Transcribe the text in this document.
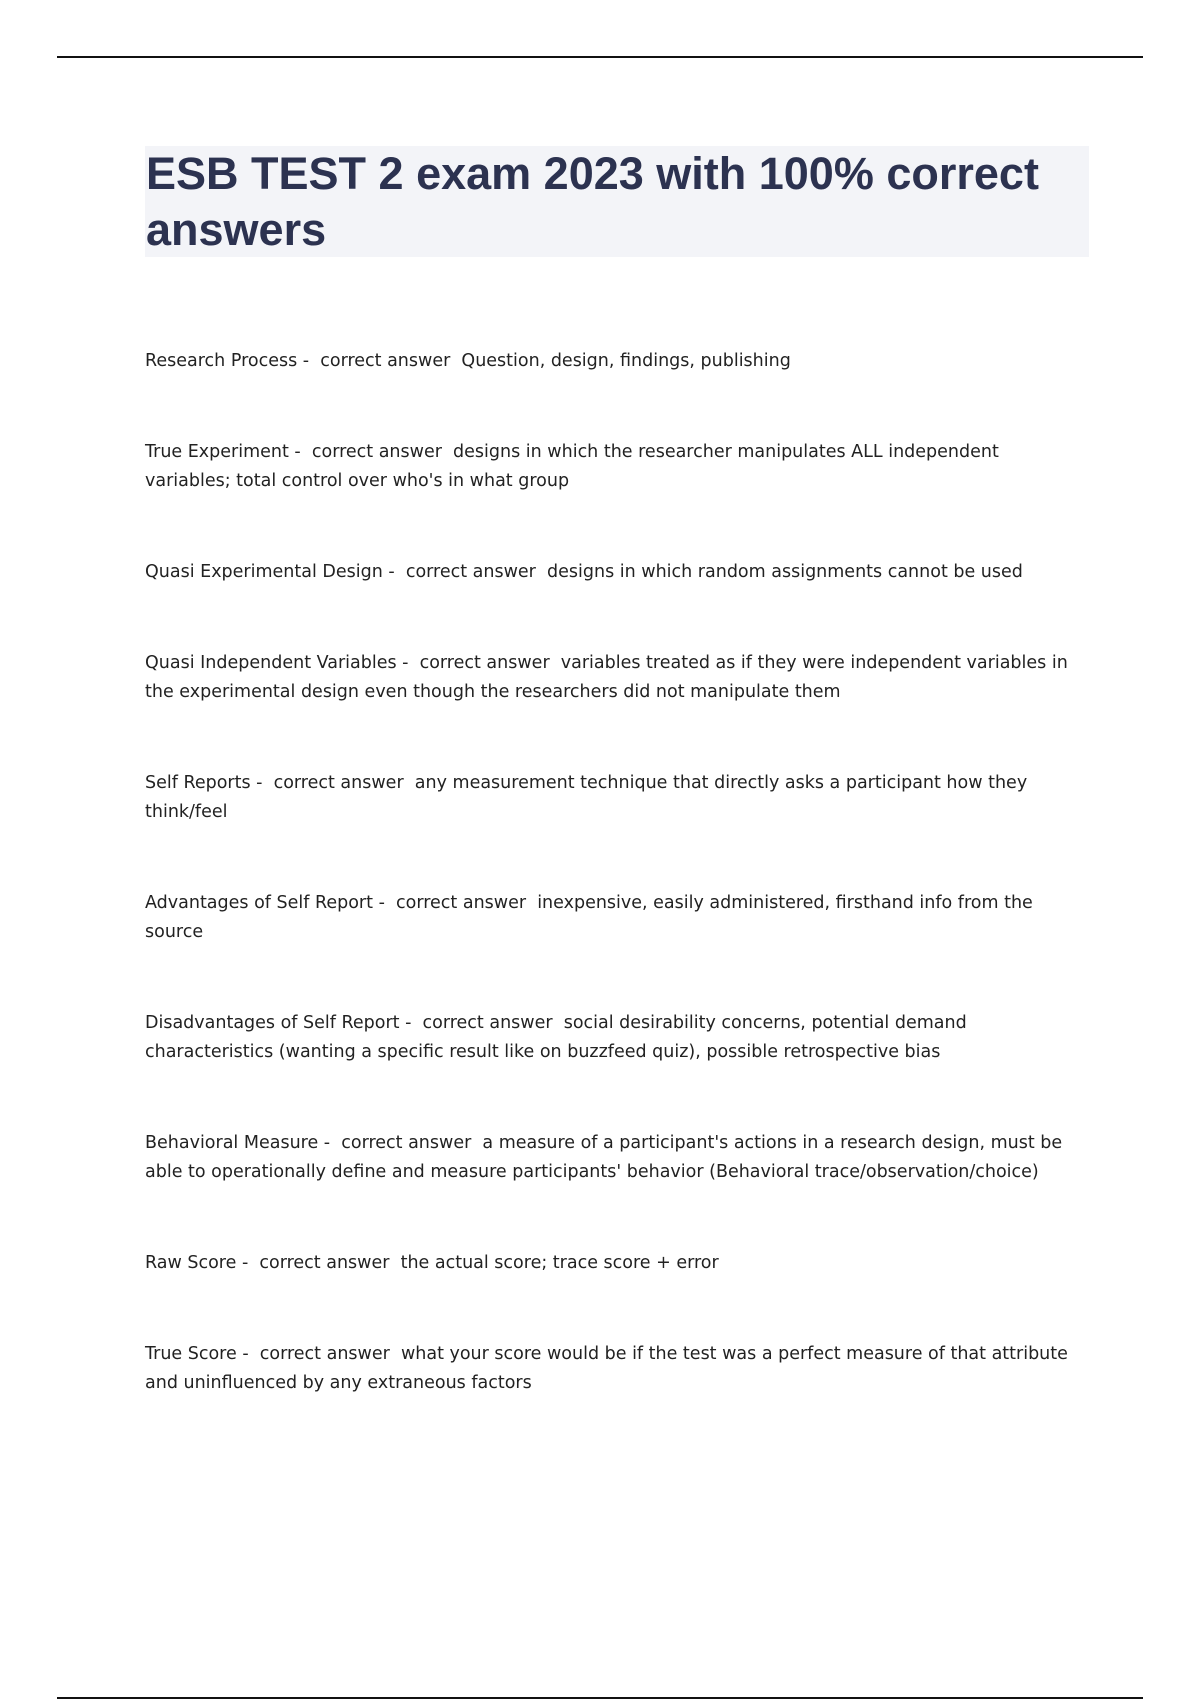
ESB TEST 2 exam 2023 with 100% correct answers
Research Process -  correct answer  Question, design, findings, publishing
True Experiment -  correct answer  designs in which the researcher manipulates ALL independent variables; total control over who's in what group
Quasi Experimental Design -  correct answer  designs in which random assignments cannot be used
Quasi Independent Variables -  correct answer  variables treated as if they were independent variables in the experimental design even though the researchers did not manipulate them
Self Reports -  correct answer  any measurement technique that directly asks a participant how they think/feel
Advantages of Self Report -  correct answer  inexpensive, easily administered, firsthand info from the source
Disadvantages of Self Report -  correct answer  social desirability concerns, potential demand characteristics (wanting a specific result like on buzzfeed quiz), possible retrospective bias
Behavioral Measure -  correct answer  a measure of a participant's actions in a research design, must be able to operationally define and measure participants' behavior (Behavioral trace/observation/choice)
Raw Score -  correct answer  the actual score; trace score + error
True Score -  correct answer  what your score would be if the test was a perfect measure of that attribute and uninfluenced by any extraneous factors
